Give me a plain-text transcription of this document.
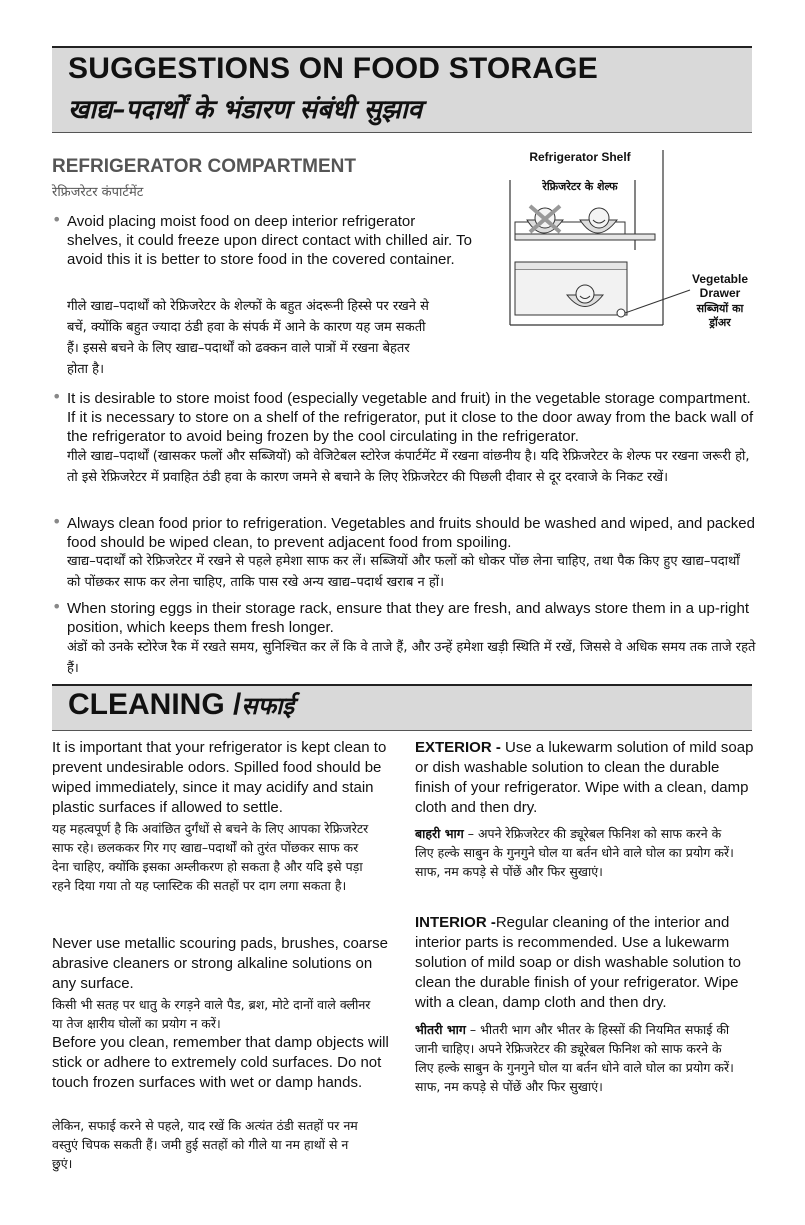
SUGGESTIONS ON FOOD STORAGE
खाद्य–पदार्थों के भंडारण संबंधी सुझाव
REFRIGERATOR COMPARTMENT
रेफ्रिजरेटर कंपार्टमेंट
• Avoid placing moist food on deep interior refrigerator shelves, it could freeze upon direct contact with chilled air. To avoid this it is better to store food in the covered container.
गीले खाद्य–पदार्थों को रेफ्रिजरेटर के शेल्फों के बहुत अंदरूनी हिस्से पर रखने से बचें, क्योंकि बहुत ज्यादा ठंडी हवा के संपर्क में आने के कारण यह जम सकती हैं। इससे बचने के लिए खाद्य–पदार्थों को ढक्कन वाले पात्रों में रखना बेहतर होता है।
Refrigerator Shelf
रेफ्रिजरेटर के शेल्फ
Vegetable Drawer
सब्जियों का ड्रॉअर
• It is desirable to store moist food (especially vegetable and fruit) in the vegetable storage compartment. If it is necessary to store on a shelf of the refrigerator, put it close to the door away from the back wall of the refrigerator to avoid being frozen by the cool circulating in the refrigerator.
गीले खाद्य–पदार्थों (खासकर फलों और सब्जियों) को वेजिटेबल स्टोरेज कंपार्टमेंट में रखना वांछनीय है। यदि रेफ्रिजरेटर के शेल्फ पर रखना जरूरी हो, तो इसे रेफ्रिजरेटर में प्रवाहित ठंडी हवा के कारण जमने से बचाने के लिए रेफ्रिजरेटर की पिछली दीवार से दूर दरवाजे के निकट रखें।
• Always clean food prior to refrigeration. Vegetables and fruits should be washed and wiped, and packed food should be wiped clean, to prevent adjacent food from spoiling.
खाद्य–पदार्थों को रेफ्रिजरेटर में रखने से पहले हमेशा साफ कर लें। सब्जियों और फलों को धोकर पोंछ लेना चाहिए, तथा पैक किए हुए खाद्य–पदार्थों को पोंछकर साफ कर लेना चाहिए, ताकि पास रखे अन्य खाद्य–पदार्थ खराब न हों।
• When storing eggs in their storage rack, ensure that they are fresh, and always store them in a up-right position, which keeps them fresh longer.
अंडों को उनके स्टोरेज रैक में रखते समय, सुनिश्चित कर लें कि वे ताजे हैं, और उन्हें हमेशा खड़ी स्थिति में रखें, जिससे वे अधिक समय तक ताजे रहते हैं।
CLEANING /सफाई
It is important that your refrigerator is kept clean to prevent undesirable odors. Spilled food should be wiped immediately, since it may acidify and stain plastic surfaces if allowed to settle.
यह महत्वपूर्ण है कि अवांछित दुर्गंधों से बचने के लिए आपका रेफ्रिजरेटर साफ रहे। छलककर गिर गए खाद्य–पदार्थों को तुरंत पोंछकर साफ कर देना चाहिए, क्योंकि इसका अम्लीकरण हो सकता है और यदि इसे पड़ा रहने दिया गया तो यह प्लास्टिक की सतहों पर दाग लगा सकता है।
Never use metallic scouring pads, brushes, coarse abrasive cleaners or strong alkaline solutions on any surface.
किसी भी सतह पर धातु के रगड़ने वाले पैड, ब्रश, मोटे दानों वाले क्लीनर या तेज क्षारीय घोलों का प्रयोग न करें।
Before you clean, remember that damp objects will stick or adhere to extremely cold surfaces. Do not touch frozen surfaces with wet or damp hands.
लेकिन, सफाई करने से पहले, याद रखें कि अत्यंत ठंडी सतहों पर नम वस्तुएं चिपक सकती हैं। जमी हुई सतहों को गीले या नम हाथों से न छुएं।
EXTERIOR - Use a lukewarm solution of mild soap or dish washable solution to clean the durable finish of your refrigerator. Wipe with a clean, damp cloth and then dry.
बाहरी भाग – अपने रेफ्रिजरेटर की ड्यूरेबल फिनिश को साफ करने के लिए हल्के साबुन के गुनगुने घोल या बर्तन धोने वाले घोल का प्रयोग करें। साफ, नम कपड़े से पोंछें और फिर सुखाएं।
INTERIOR -Regular cleaning of the interior and interior parts is recommended. Use a lukewarm solution of mild soap or dish washable solution to clean the durable finish of your refrigerator. Wipe with a clean, damp cloth and then dry.
भीतरी भाग – भीतरी भाग और भीतर के हिस्सों की नियमित सफाई की जानी चाहिए। अपने रेफ्रिजरेटर की ड्यूरेबल फिनिश को साफ करने के लिए हल्के साबुन के गुनगुने घोल या बर्तन धोने वाले घोल का प्रयोग करें। साफ, नम कपड़े से पोंछें और फिर सुखाएं।
